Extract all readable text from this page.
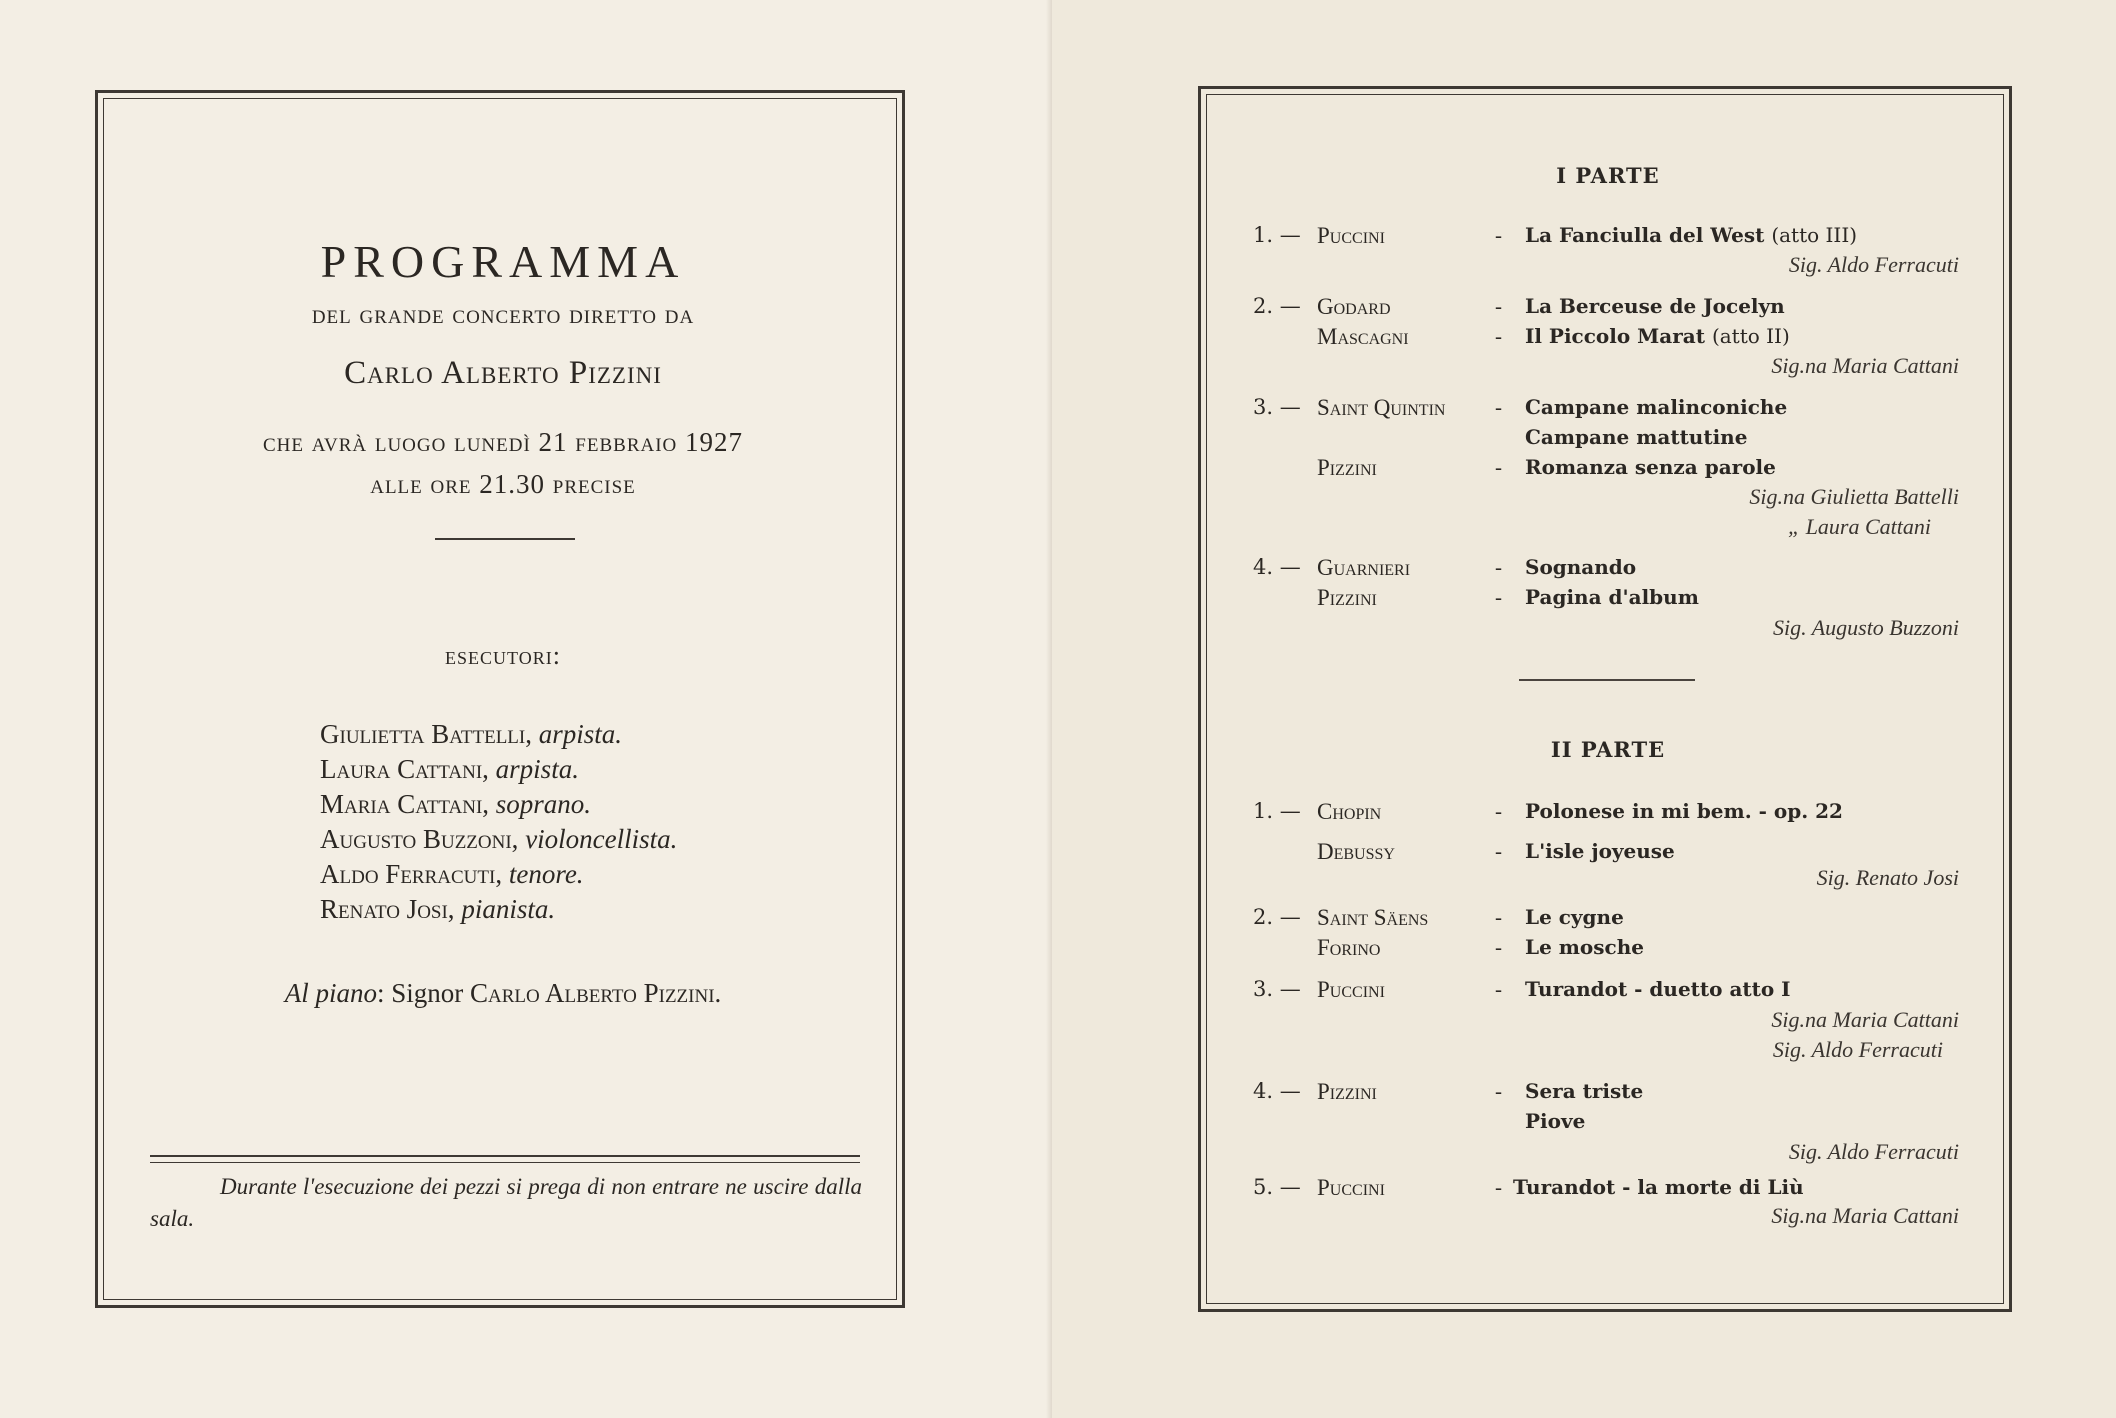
PROGRAMMA
del grande concerto diretto da
Carlo Alberto Pizzini
che avrà luogo lunedì 21 febbraio 1927
alle ore 21.30 precise
esecutori:
Giulietta Battelli, arpista.
Laura Cattani, arpista.
Maria Cattani, soprano.
Augusto Buzzoni, violoncellista.
Aldo Ferracuti, tenore.
Renato Josi, pianista.
Al piano: Signor Carlo Alberto Pizzini.
Durante l'esecuzione dei pezzi si prega di non entrare ne uscire dalla sala.
I PARTE
1. — Puccini	- La Fanciulla del West (atto III)
Sig. Aldo Ferracuti
2. — Godard	- La Berceuse de Jocelyn
Mascagni	- Il Piccolo Marat (atto II)
Sig.na Maria Cattani
3. — Saint Quintin - Campane malinconiche
Campane mattutine
Pizzini	- Romanza senza parole
Sig.na Giulietta Battelli
„ Laura Cattani
4. — Guarnieri	- Sognando
Pizzini	- Pagina d'album
Sig. Augusto Buzzoni
II PARTE
1. — Chopin	- Polonese in mi bem. - op. 22
Debussy	- L'isle joyeuse
Sig. Renato Josi
2. — Saint Säens	- Le cygne
Forino	- Le mosche
3. — Puccini	- Turandot - duetto atto I
Sig.na Maria Cattani
Sig. Aldo Ferracuti
4. — Pizzini	- Sera triste
Piove
Sig. Aldo Ferracuti
5. — Puccini	- Turandot - la morte di Liù
Sig.na Maria Cattani
